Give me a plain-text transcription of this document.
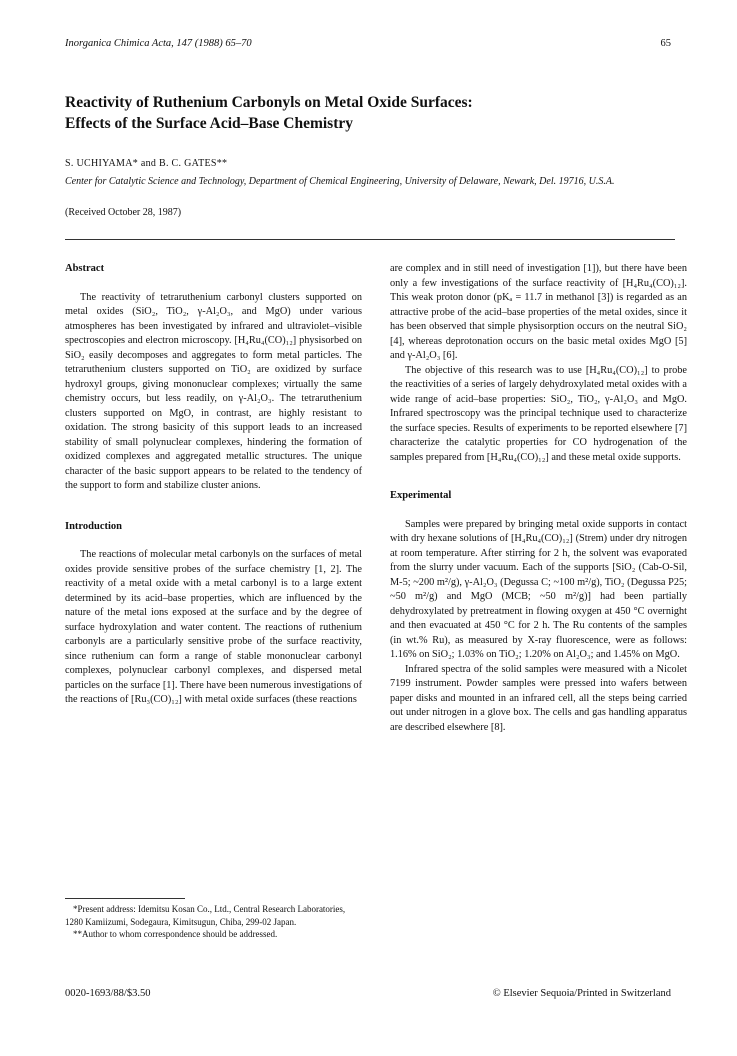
Inorganica Chimica Acta, 147 (1988) 65–70	65
Reactivity of Ruthenium Carbonyls on Metal Oxide Surfaces:
Effects of the Surface Acid–Base Chemistry
S. UCHIYAMA* and B. C. GATES**
Center for Catalytic Science and Technology, Department of Chemical Engineering, University of Delaware, Newark, Del. 19716, U.S.A.
(Received October 28, 1987)
Abstract

The reactivity of tetraruthenium carbonyl clusters supported on metal oxides (SiO₂, TiO₂, γ-Al₂O₃, and MgO) under various atmospheres has been investigated by infrared and ultraviolet–visible spectroscopies and electron microscopy. [H₄Ru₄(CO)₁₂] physisorbed on SiO₂ easily decomposes and aggregates to form metal particles. The tetraruthenium clusters supported on TiO₂ are oxidized by surface hydroxyl groups, giving mononuclear complexes; virtually the same chemistry occurs, but less readily, on γ-Al₂O₃. The tetraruthenium clusters supported on MgO, in contrast, are highly resistant to oxidation. The strong basicity of this support leads to an increased stability of small polynuclear complexes, hindering the formation of oxidized complexes and aggregated metallic structures. The unique character of the basic support appears to be related to the tendency of the support to form and stabilize cluster anions.

Introduction

The reactions of molecular metal carbonyls on the surfaces of metal oxides provide sensitive probes of the surface chemistry [1, 2]. The reactivity of a metal oxide with a metal carbonyl is to a large extent determined by its acid–base properties, which are influenced by the nature of the metal ions exposed at the surface and by the degree of surface hydroxylation and water content. The reactions of ruthenium carbonyls are a particularly sensitive probe of the surface reactivity, since ruthenium can form a range of stable mononuclear carbonyl complexes, polynuclear carbonyl complexes, and dispersed metal particles on the surface [1]. There have been numerous investigations of the reactions of [Ru₃(CO)₁₂] with metal oxide surfaces (these reactions

are complex and in still need of investigation [1]), but there have been only a few investigations of the surface reactivity of [H₄Ru₄(CO)₁₂]. This weak proton donor (pKₐ = 11.7 in methanol [3]) is regarded as an attractive probe of the acid–base properties of the metal oxides, since it has been observed that simple physisorption occurs on the neutral SiO₂ [4], whereas deprotonation occurs on the basic metal oxides MgO [5] and γ-Al₂O₃ [6].

The objective of this research was to use [H₄Ru₄(CO)₁₂] to probe the reactivities of a series of largely dehydroxylated metal oxides with a wide range of acid–base properties: SiO₂, TiO₂, γ-Al₂O₃ and MgO. Infrared spectroscopy was the principal technique used to characterize the surface species. Results of experiments to be reported elsewhere [7] characterize the catalytic properties for CO hydrogenation of the samples prepared from [H₄Ru₄(CO)₁₂] and these metal oxide supports.

Experimental

Samples were prepared by bringing metal oxide supports in contact with dry hexane solutions of [H₄Ru₄(CO)₁₂] (Strem) under dry nitrogen at room temperature. After stirring for 2 h, the solvent was evaporated from the slurry under vacuum. Each of the supports [SiO₂ (Cab-O-Sil, M-5; ~200 m²/g), γ-Al₂O₃ (Degussa C; ~100 m²/g), TiO₂ (Degussa P25; ~50 m²/g) and MgO (MCB; ~50 m²/g)] had been partially dehydroxylated by pretreatment in flowing oxygen at 450 °C overnight and then evacuated at 450 °C for 2 h. The Ru contents of the samples (in wt.% Ru), as measured by X-ray fluorescence, were as follows: 1.16% on SiO₂; 1.03% on TiO₂; 1.20% on Al₂O₃; and 1.45% on MgO.

Infrared spectra of the solid samples were measured with a Nicolet 7199 instrument. Powder samples were pressed into wafers between paper disks and mounted in an infrared cell, all the steps being carried out under nitrogen in a glove box. The cells and gas handling apparatus are described elsewhere [8].

*Present address: Idemitsu Kosan Co., Ltd., Central Research Laboratories, 1280 Kamiizumi, Sodegaura, Kimitsugun, Chiba, 299-02 Japan.

**Author to whom correspondence should be addressed.

0020-1693/88/$3.50	© Elsevier Sequoia/Printed in Switzerland
